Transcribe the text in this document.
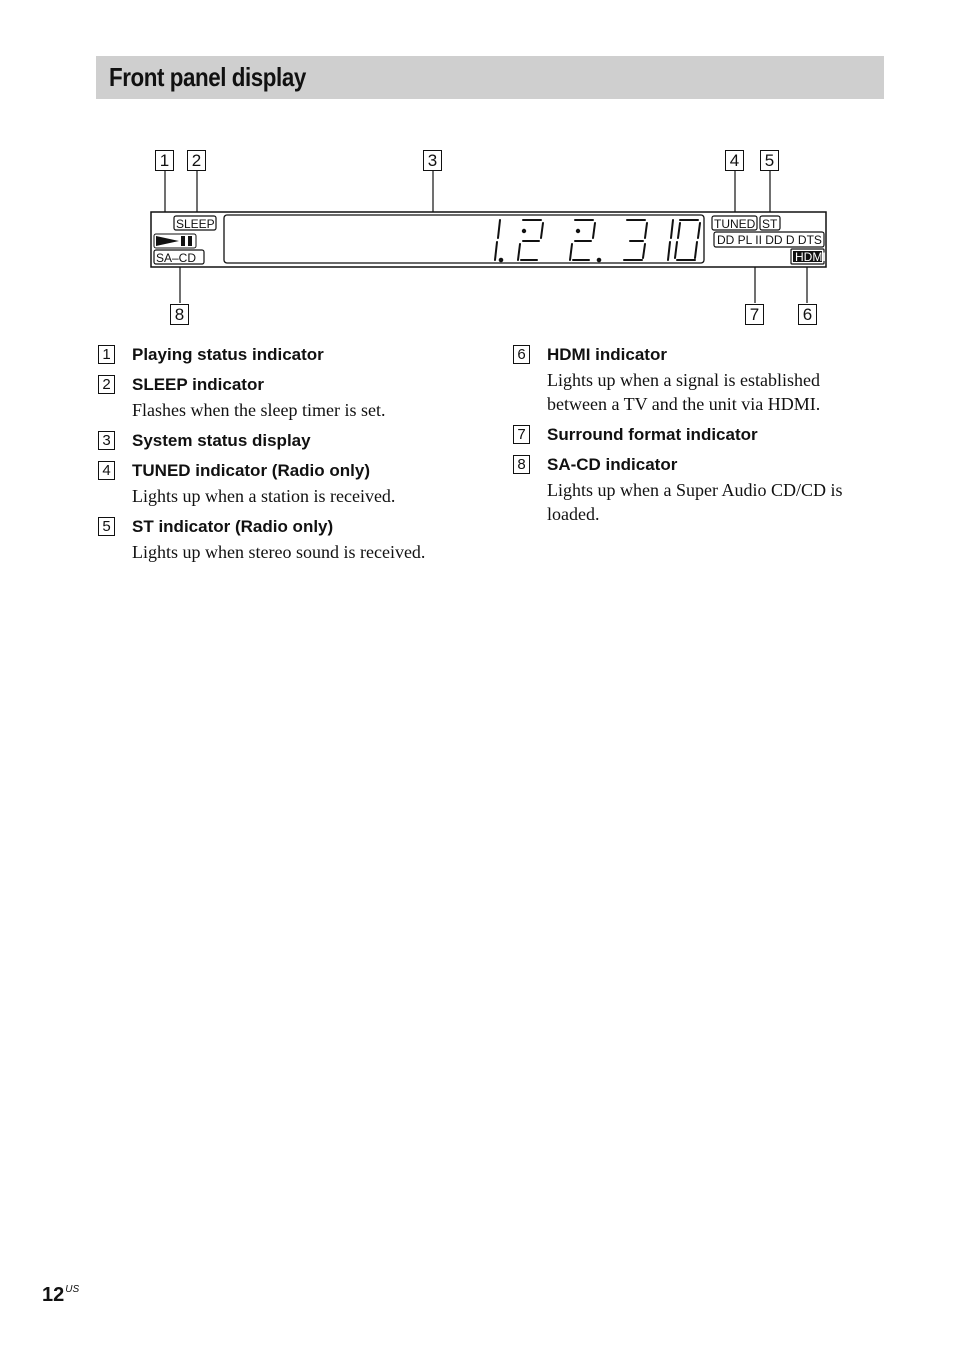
Front panel display
SLEEP
SA–CD
TUNED ST
DD PL II DD D DTS
HDMI
1 2	3	4 5
6
7
8
1 Playing status indicator
2 SLEEP indicator
Flashes when the sleep timer is set.
3 System status display
4 TUNED indicator (Radio only)
Lights up when a station is received.
5 ST indicator (Radio only)
Lights up when stereo sound is received.
6 HDMI indicator
Lights up when a signal is established between a TV and the unit via HDMI.
7 Surround format indicator
8 SA-CD indicator
Lights up when a Super Audio CD/CD is loaded.
$12^{US}$
